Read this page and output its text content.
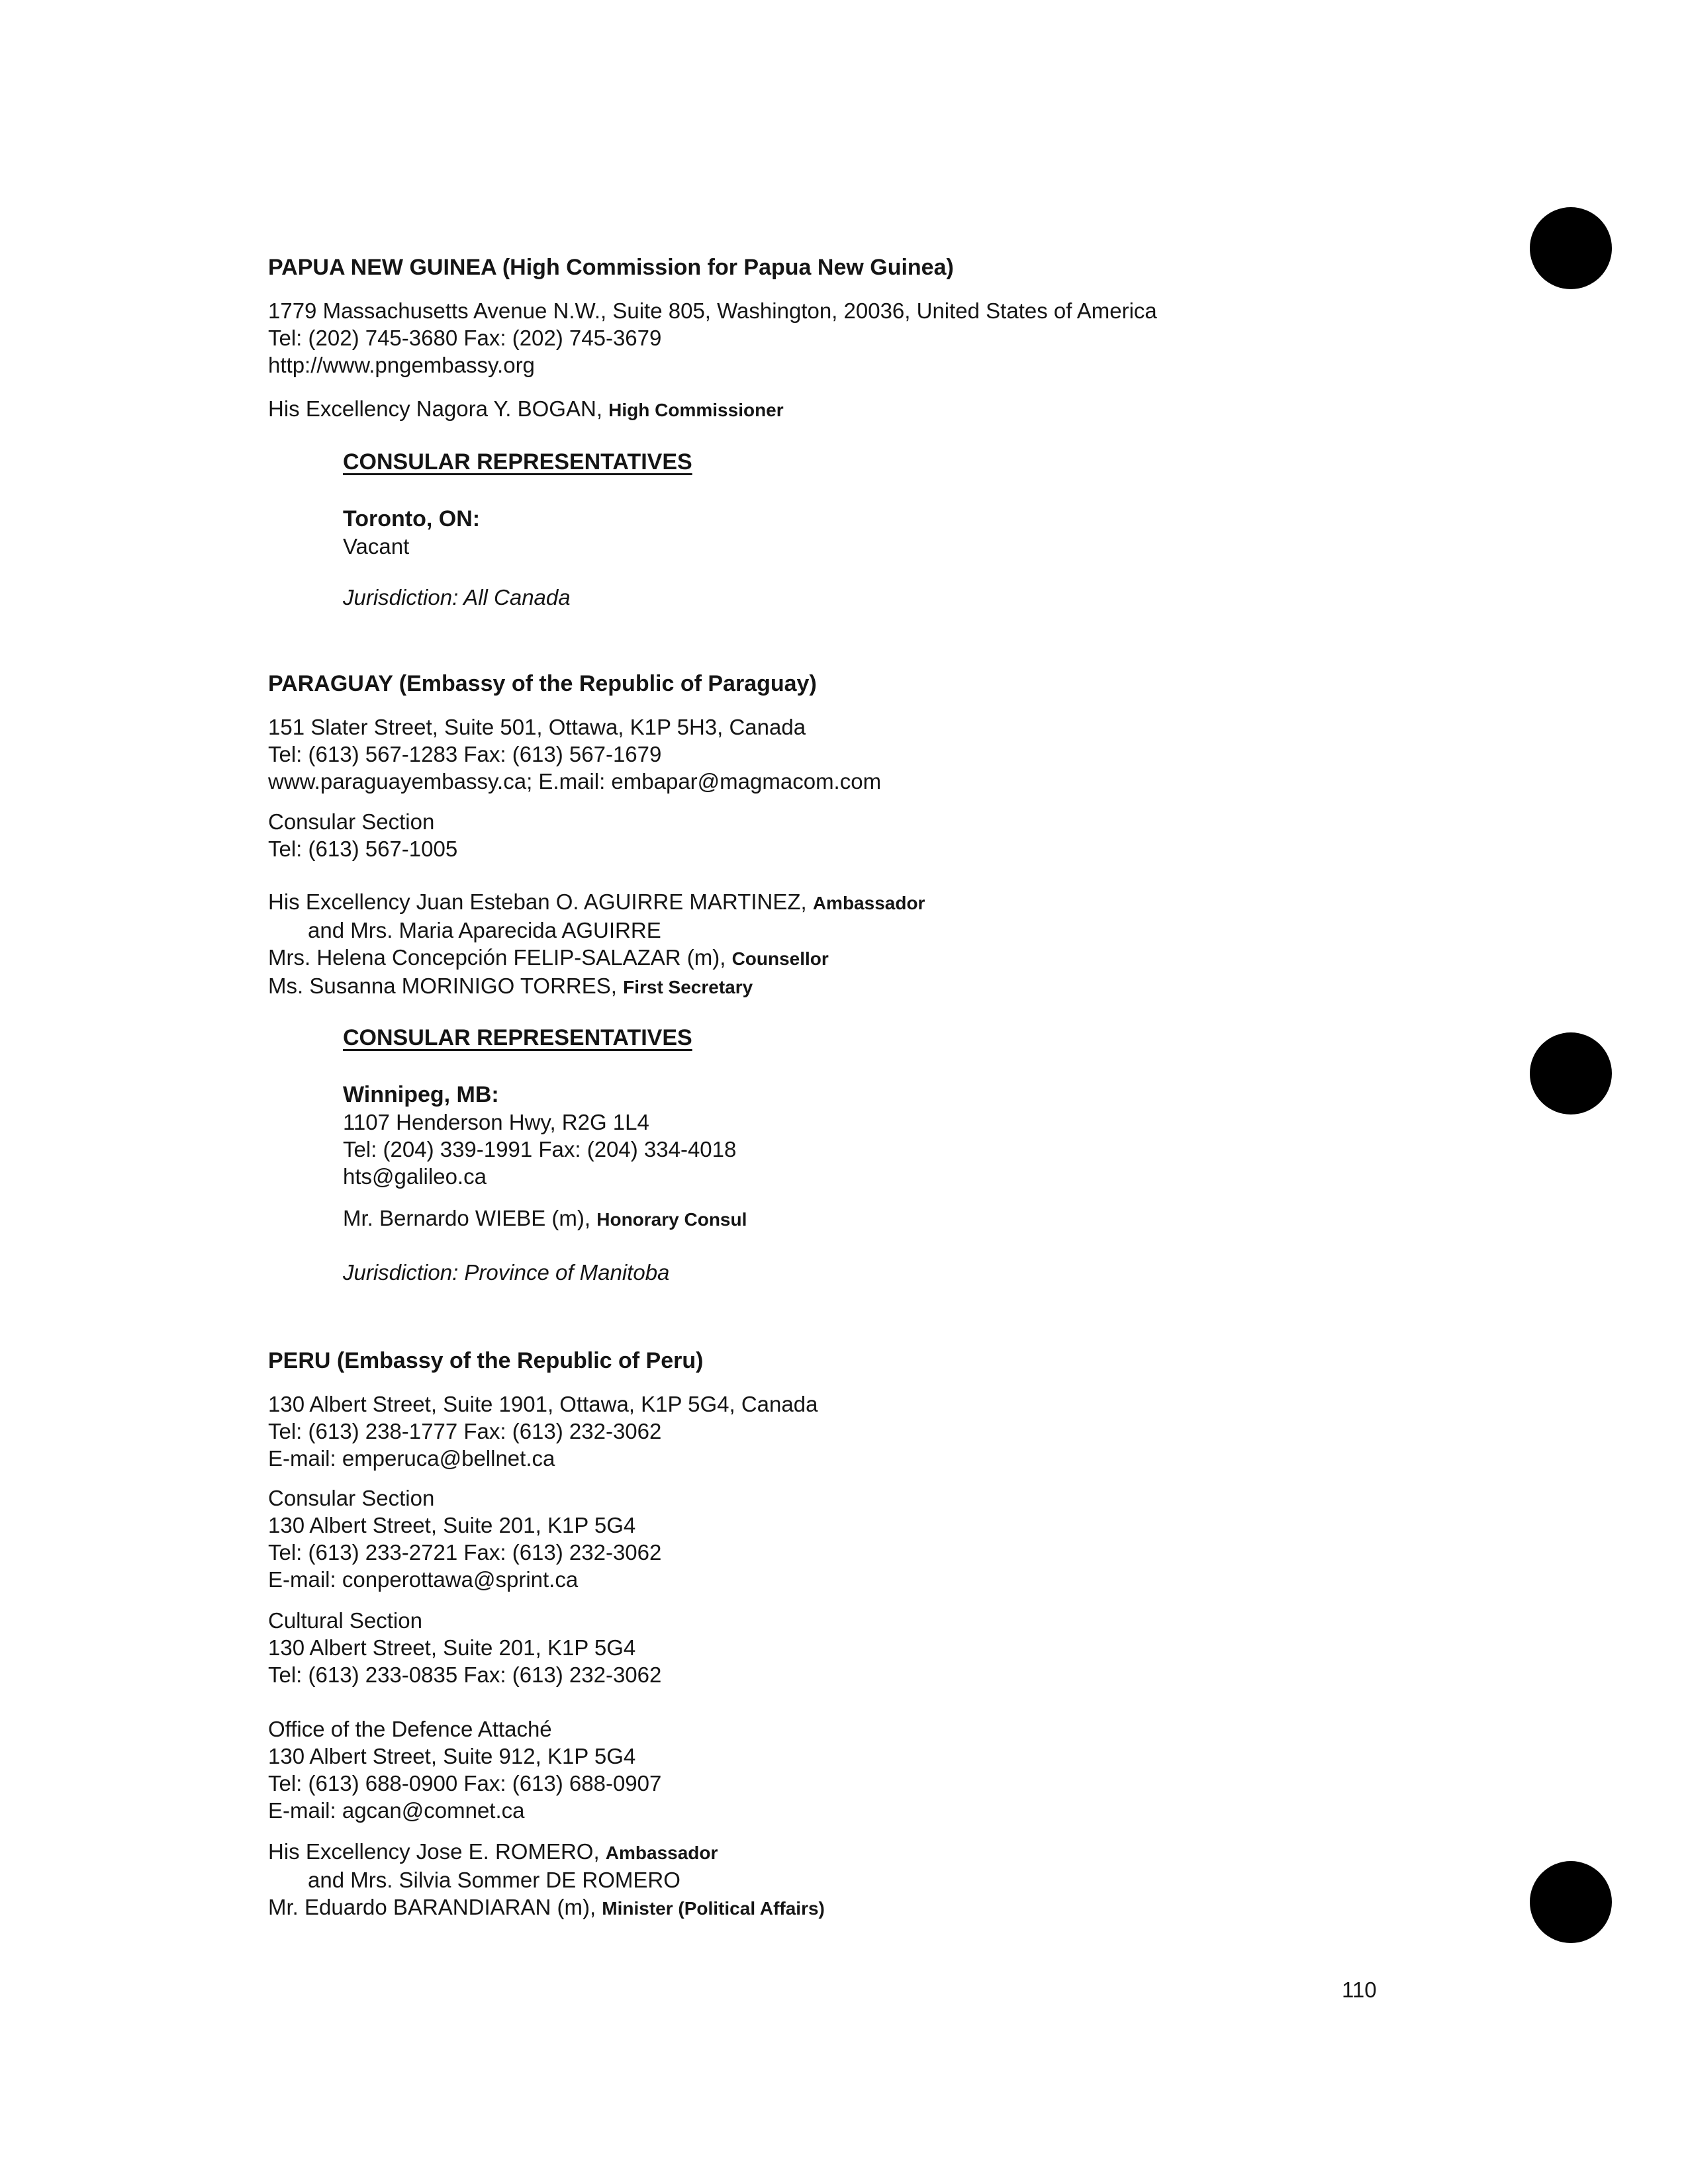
PAPUA NEW GUINEA (High Commission for Papua New Guinea)
1779 Massachusetts Avenue N.W., Suite 805, Washington, 20036, United States of America
Tel: (202) 745-3680 Fax: (202) 745-3679
http://www.pngembassy.org
His Excellency Nagora Y. BOGAN, High Commissioner
CONSULAR REPRESENTATIVES
Toronto, ON:
Vacant
Jurisdiction: All Canada
PARAGUAY (Embassy of the Republic of Paraguay)
151 Slater Street, Suite 501, Ottawa, K1P 5H3, Canada
Tel: (613) 567-1283 Fax: (613) 567-1679
www.paraguayembassy.ca; E.mail: embapar@magmacom.com
Consular Section
Tel: (613) 567-1005
His Excellency Juan Esteban O. AGUIRRE MARTINEZ, Ambassador
and Mrs. Maria Aparecida AGUIRRE
Mrs. Helena Concepción FELIP-SALAZAR (m), Counsellor
Ms. Susanna MORINIGO TORRES, First Secretary
CONSULAR REPRESENTATIVES
Winnipeg, MB:
1107 Henderson Hwy, R2G 1L4
Tel: (204) 339-1991 Fax: (204) 334-4018
hts@galileo.ca
Mr. Bernardo WIEBE (m), Honorary Consul
Jurisdiction: Province of Manitoba
PERU (Embassy of the Republic of Peru)
130 Albert Street, Suite 1901, Ottawa, K1P 5G4, Canada
Tel: (613) 238-1777 Fax: (613) 232-3062
E-mail: emperuca@bellnet.ca
Consular Section
130 Albert Street, Suite 201, K1P 5G4
Tel: (613) 233-2721 Fax: (613) 232-3062
E-mail: conperottawa@sprint.ca
Cultural Section
130 Albert Street, Suite 201, K1P 5G4
Tel: (613) 233-0835 Fax: (613) 232-3062
Office of the Defence Attaché
130 Albert Street, Suite 912, K1P 5G4
Tel: (613) 688-0900 Fax: (613) 688-0907
E-mail: agcan@comnet.ca
His Excellency Jose E. ROMERO, Ambassador
and Mrs. Silvia Sommer DE ROMERO
Mr. Eduardo BARANDIARAN (m), Minister (Political Affairs)
110
